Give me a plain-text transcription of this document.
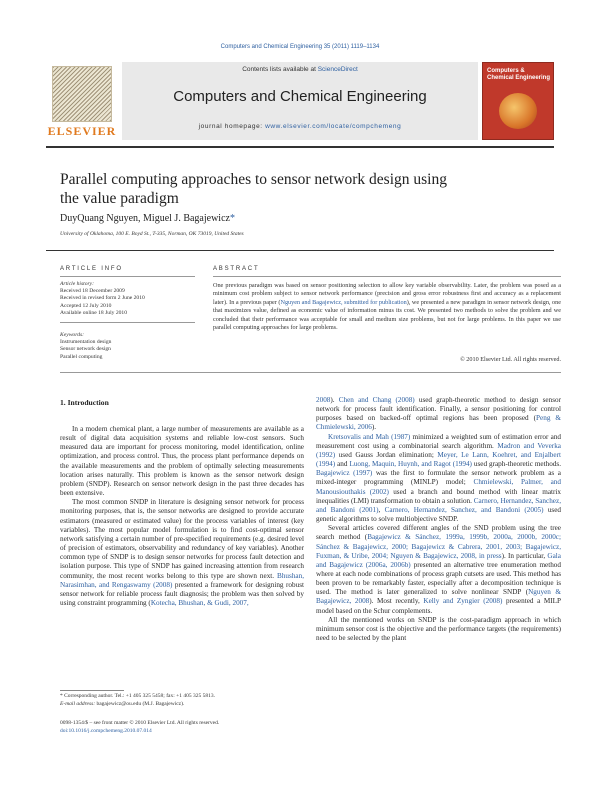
Computers and Chemical Engineering 35 (2011) 1119–1134
ELSEVIER
Contents lists available at ScienceDirect
Computers and Chemical Engineering
journal homepage: www.elsevier.com/locate/compchemeng
Computers & Chemical Engineering
Parallel computing approaches to sensor network design using
the value paradigm
DuyQuang Nguyen, Miguel J. Bagajewicz*
University of Oklahoma, 100 E. Boyd St., T-335, Norman, OK 73019, United States
ARTICLE INFO	ABSTRACT
Article history:
Received 18 December 2009
Received in revised form 2 June 2010
Accepted 12 July 2010
Available online 18 July 2010
Keywords:
Instrumentation design
Sensor network design
Parallel computing
One previous paradigm was based on sensor positioning selection to allow key variable observability. Later, the problem was posed as a minimum cost problem subject to sensor network performance (precision and gross error robustness first and accuracy as a replacement later). In a previous paper (Nguyen and Bagajewicz, submitted for publication), we presented a new paradigm in sensor network design, one that maximizes value, defined as economic value of information minus its cost. We presented two methods to solve the problem and we concluded that their performance was acceptable for small and medium size problems, but not for large problems. In this paper we use parallel computing approaches for large problems.
© 2010 Elsevier Ltd. All rights reserved.
1. Introduction

In a modern chemical plant, a large number of measurements are available as a result of digital data acquisition systems and reliable low-cost sensors. Such measured data are important for process monitoring, model identification, online optimization, and process control. Thus, the process plant performance depends on the available measurements and the problem of optimally selecting measurements location arises naturally. This problem is known as the sensor network design problem (SNDP). Research on sensor network design in the past three decades has been extensive.

The most common SNDP in literature is designing sensor network for process monitoring purposes, that is, the sensor networks are designed to provide accurate estimators (measured or estimated value) for the process variables of interest (key variables). The most popular model formulation is to find cost-optimal sensor network satisfying a certain number of pre-specified requirements (e.g. desired level of precision of estimators, observability and redundancy of key variables). Another common type of SNDP is to design sensor networks for process fault detection and isolation purpose. This type of SNDP has gained increasing attention from research community, the most recent works belong to this type are shown next. Bhushan, Narasimhan, and Rengaswamy (2008) presented a framework for designing robust sensor network for reliable process fault diagnosis; the problem was then solved by using constraint programming (Kotecha, Bhushan, & Gudi, 2007,

2008). Chen and Chang (2008) used graph-theoretic method to design sensor network for process fault identification. Finally, a sensor positioning for control purposes based on backed-off optimal regions has been proposed (Peng & Chmielewski, 2006).

Kretsovalis and Mah (1987) minimized a weighted sum of estimation error and measurement cost using a combinatorial search algorithm. Madron and Veverka (1992) used Gauss Jordan elimination; Meyer, Le Lann, Koehret, and Enjalbert (1994) and Luong, Maquin, Huynh, and Ragot (1994) used graph-theoretic methods. Bagajewicz (1997) was the first to formulate the sensor network problem as a mixed-integer programming (MINLP) model; Chmielewski, Palmer, and Manousiouthakis (2002) used a branch and bound method with linear matrix inequalities (LMI) transformation to obtain a solution. Carnero, Hernandez, Sanchez, and Bandoni (2001), Carnero, Hernandez, Sanchez, and Bandoni (2005) used genetic algorithms to solve multiobjective SNDP.

Several articles covered different angles of the SND problem using the tree search method (Bagajewicz & Sánchez, 1999a, 1999b, 2000a, 2000b, 2000c; Sánchez & Bagajewicz, 2000; Bagajewicz & Cabrera, 2001, 2003; Bagajewicz, Fuxman, & Uribe, 2004; Nguyen & Bagajewicz, 2008, in press). In particular, Gala and Bagajewicz (2006a, 2006b) presented an alternative tree enumeration method where at each node combinations of process graph cutsets are used. This method has been proven to be remarkably faster, especially after a decomposition technique is used. The method is later generalized to solve nonlinear SNDP (Nguyen & Bagajewicz, 2008). Most recently, Kelly and Zyngier (2008) presented a MILP model based on the Schur complements.

All the mentioned works on SNDP is the cost-paradigm approach in which minimum sensor cost is the objective and the performance targets (the requirements) need to be selected by the plant

* Corresponding author. Tel.: +1 405 325 5458; fax: +1 405 325 5813.
E-mail address: bagajewicz@ou.edu (M.J. Bagajewicz).
0098-1354/$ – see front matter © 2010 Elsevier Ltd. All rights reserved.
doi:10.1016/j.compchemeng.2010.07.014
